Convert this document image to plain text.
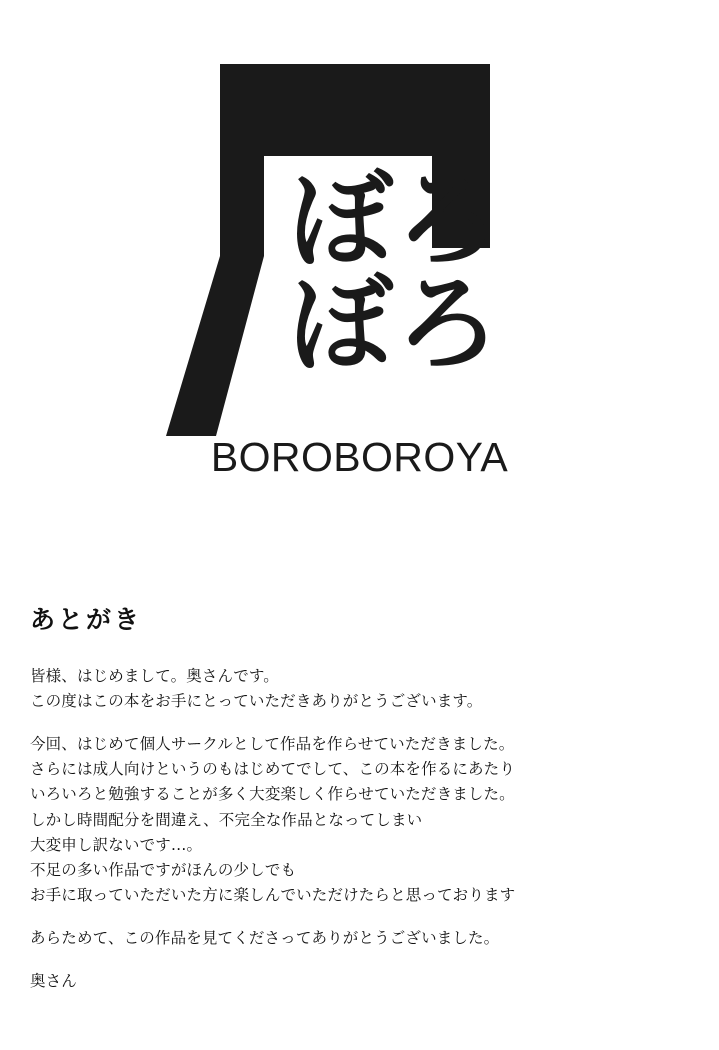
ぼろ
ぼろ
BOROBOROYA
あとがき

皆様、はじめまして。奥さんです。
この度はこの本をお手にとっていただきありがとうございます。

今回、はじめて個人サークルとして作品を作らせていただきました。
さらには成人向けというのもはじめてでして、この本を作るにあたり
いろいろと勉強することが多く大変楽しく作らせていただきました。
しかし時間配分を間違え、不完全な作品となってしまい
大変申し訳ないです…。
不足の多い作品ですがほんの少しでも
お手に取っていただいた方に楽しんでいただけたらと思っております

あらためて、この作品を見てくださってありがとうございました。

奥さん
